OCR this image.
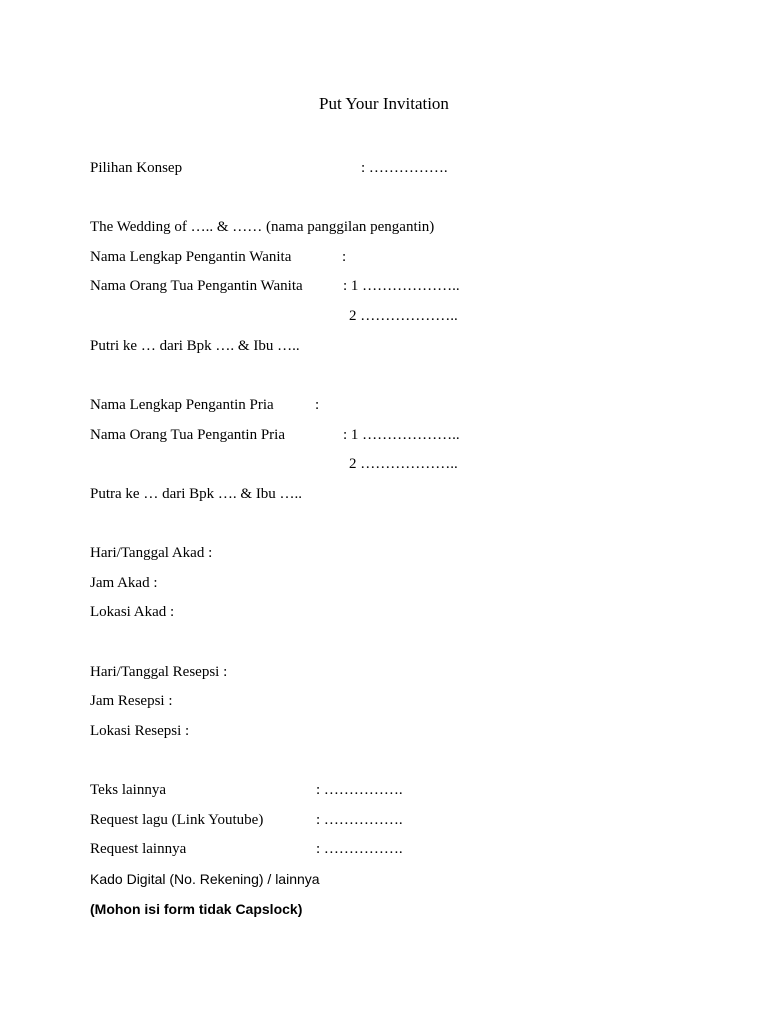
Put Your Invitation
Pilihan Konsep	: …………….
The Wedding of ….. & …… (nama panggilan pengantin)
Nama Lengkap Pengantin Wanita	:
Nama Orang Tua Pengantin Wanita	: 1 ………………..
2 ………………..
Putri ke … dari Bpk …. & Ibu …..
Nama Lengkap Pengantin Pria	:
Nama Orang Tua Pengantin Pria	: 1 ………………..
2 ………………..
Putra ke … dari Bpk …. & Ibu …..
Hari/Tanggal Akad :
Jam Akad :
Lokasi Akad :
Hari/Tanggal Resepsi :
Jam Resepsi :
Lokasi Resepsi :
Teks lainnya	: …………….
Request lagu (Link Youtube)	: …………….
Request lainnya	: …………….
Kado Digital (No. Rekening) / lainnya
(Mohon isi form tidak Capslock)
